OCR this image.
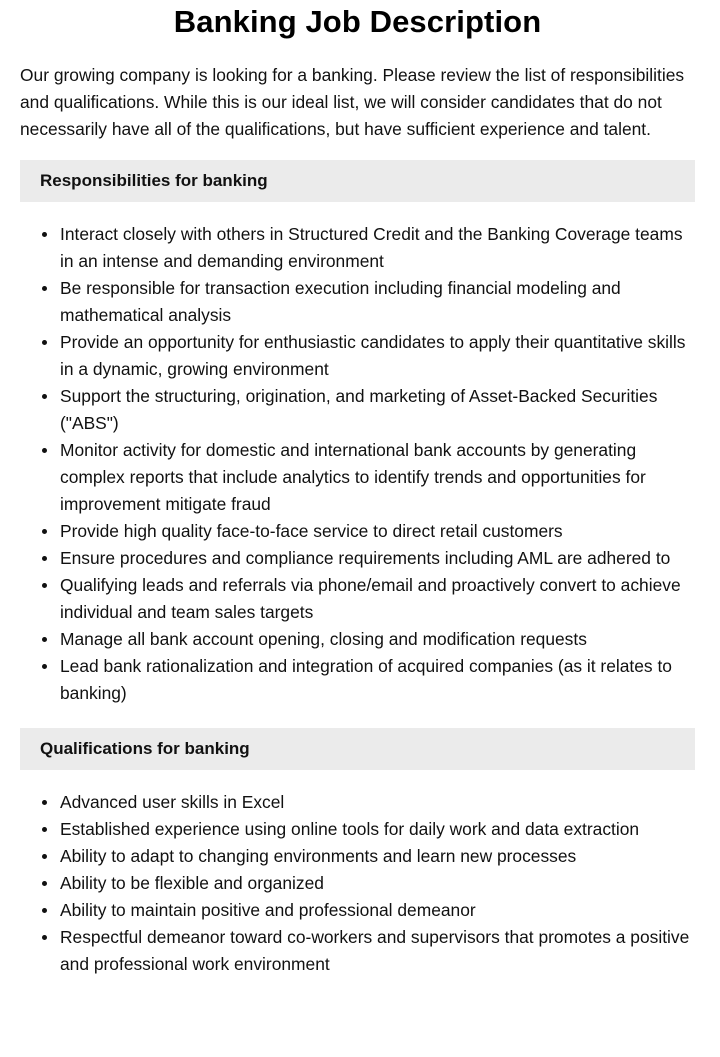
Banking Job Description

Our growing company is looking for a banking. Please review the list of responsibilities and qualifications. While this is our ideal list, we will consider candidates that do not necessarily have all of the qualifications, but have sufficient experience and talent.

Responsibilities for banking
Interact closely with others in Structured Credit and the Banking Coverage teams in an intense and demanding environment
Be responsible for transaction execution including financial modeling and mathematical analysis
Provide an opportunity for enthusiastic candidates to apply their quantitative skills in a dynamic, growing environment
Support the structuring, origination, and marketing of Asset-Backed Securities ("ABS")
Monitor activity for domestic and international bank accounts by generating complex reports that include analytics to identify trends and opportunities for improvement mitigate fraud
Provide high quality face-to-face service to direct retail customers
Ensure procedures and compliance requirements including AML are adhered to
Qualifying leads and referrals via phone/email and proactively convert to achieve individual and team sales targets
Manage all bank account opening, closing and modification requests
Lead bank rationalization and integration of acquired companies (as it relates to banking)
Qualifications for banking
Advanced user skills in Excel
Established experience using online tools for daily work and data extraction
Ability to adapt to changing environments and learn new processes
Ability to be flexible and organized
Ability to maintain positive and professional demeanor
Respectful demeanor toward co-workers and supervisors that promotes a positive and professional work environment
